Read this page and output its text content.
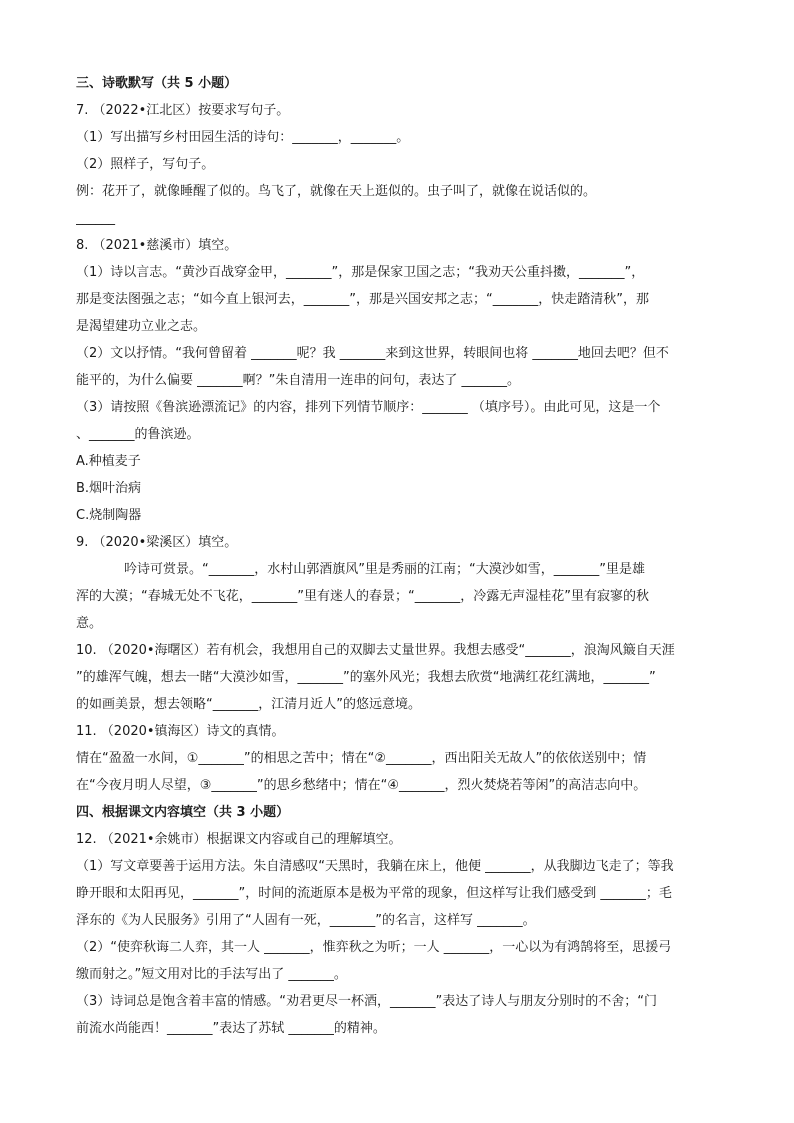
三、诗歌默写（共 5 小题）
7. （2022•江北区）按要求写句子。
（1）写出描写乡村田园生活的诗句：_______，_______。
（2）照样子，写句子。
例：花开了，就像睡醒了似的。鸟飞了，就像在天上逛似的。虫子叫了，就像在说话似的。
______
8. （2021•慈溪市）填空。
（1）诗以言志。“黄沙百战穿金甲，_______”，那是保家卫国之志；“我劝天公重抖擞，_______”，
那是变法图强之志；“如今直上银河去，_______”，那是兴国安邦之志；“_______，快走踏清秋”，那
是渴望建功立业之志。
（2）文以抒情。“我何曾留着 _______呢？我 _______来到这世界，转眼间也将 _______地回去吧？但不
能平的，为什么偏要 _______啊？”朱自清用一连串的问句，表达了 _______。
（3）请按照《鲁滨逊漂流记》的内容，排列下列情节顺序：_______ （填序号）。由此可见，这是一个
、_______的鲁滨逊。
A.种植麦子
B.烟叶治病
C.烧制陶器
9. （2020•梁溪区）填空。
吟诗可赏景。“_______，水村山郭酒旗风”里是秀丽的江南；“大漠沙如雪，_______”里是雄
浑的大漠；“春城无处不飞花，_______”里有迷人的春景；“_______，冷露无声湿桂花”里有寂寥的秋
意。
10. （2020•海曙区）若有机会，我想用自己的双脚去丈量世界。我想去感受“_______，浪淘风簸自天涯
”的雄浑气魄，想去一睹“大漠沙如雪，_______”的塞外风光；我想去欣赏“地满红花红满地，_______”
的如画美景，想去领略“_______，江清月近人”的悠远意境。
11. （2020•镇海区）诗文的真情。
情在“盈盈一水间，①_______”的相思之苦中；情在“②_______，西出阳关无故人”的依依送别中；情
在“今夜月明人尽望，③_______”的思乡愁绪中；情在“④_______，烈火焚烧若等闲”的高洁志向中。
四、根据课文内容填空（共 3 小题）
12. （2021•余姚市）根据课文内容或自己的理解填空。
（1）写文章要善于运用方法。朱自清感叹“天黑时，我躺在床上，他便 _______，从我脚边飞走了；等我
睁开眼和太阳再见，_______”，时间的流逝原本是极为平常的现象，但这样写让我们感受到 _______；毛
泽东的《为人民服务》引用了“人固有一死，_______”的名言，这样写 _______。
（2）“使弈秋诲二人弈，其一人 _______，惟弈秋之为听；一人 _______，一心以为有鸿鹄将至，思援弓
缴而射之。”短文用对比的手法写出了 _______。
（3）诗词总是饱含着丰富的情感。“劝君更尽一杯酒，_______”表达了诗人与朋友分别时的不舍；“门
前流水尚能西！_______”表达了苏轼 _______的精神。
